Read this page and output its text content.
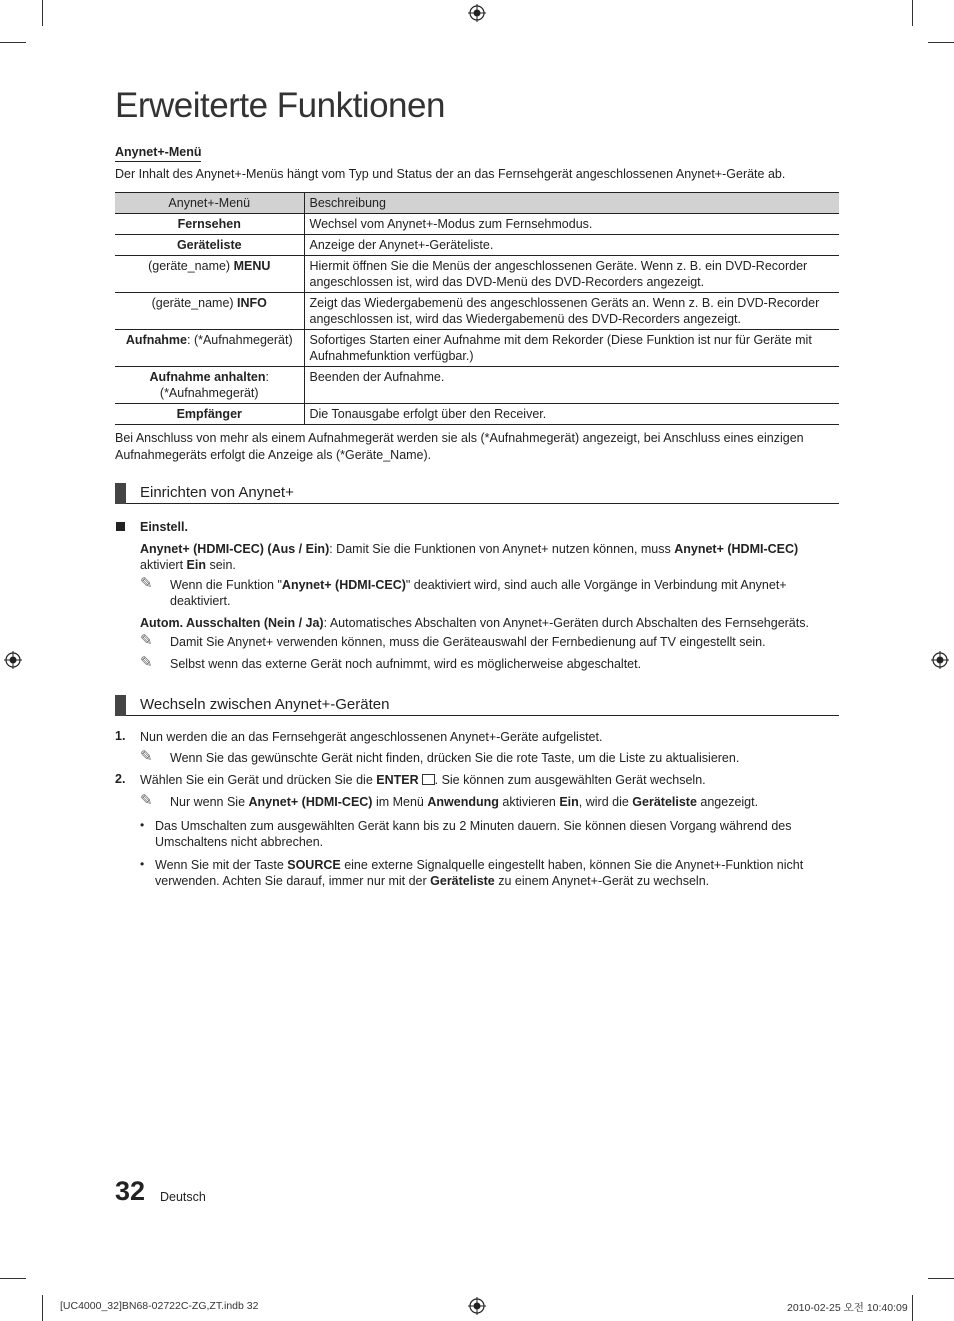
Erweiterte Funktionen
Anynet+-Menü
Der Inhalt des Anynet+-Menüs hängt vom Typ und Status der an das Fernsehgerät angeschlossenen Anynet+-Geräte ab.
Anynet+-Menü	Beschreibung
Fernsehen	Wechsel vom Anynet+-Modus zum Fernsehmodus.
Geräteliste	Anzeige der Anynet+-Geräteliste.
(geräte_name) MENU	Hiermit öffnen Sie die Menüs der angeschlossenen Geräte. Wenn z. B. ein DVD-Recorder angeschlossen ist, wird das DVD-Menü des DVD-Recorders angezeigt.
(geräte_name) INFO	Zeigt das Wiedergabemenü des angeschlossenen Geräts an. Wenn z. B. ein DVD-Recorder angeschlossen ist, wird das Wiedergabemenü des DVD-Recorders angezeigt.
Aufnahme: (*Aufnahmegerät)	Sofortiges Starten einer Aufnahme mit dem Rekorder (Diese Funktion ist nur für Geräte mit Aufnahmefunktion verfügbar.)
Aufnahme anhalten: (*Aufnahmegerät)	Beenden der Aufnahme.
Empfänger	Die Tonausgabe erfolgt über den Receiver.
Bei Anschluss von mehr als einem Aufnahmegerät werden sie als (*Aufnahmegerät) angezeigt, bei Anschluss eines einzigen Aufnahmegeräts erfolgt die Anzeige als (*Geräte_Name).
Einrichten von Anynet+
Einstell.
Anynet+ (HDMI-CEC) (Aus / Ein): Damit Sie die Funktionen von Anynet+ nutzen können, muss Anynet+ (HDMI-CEC) aktiviert Ein sein.
✎ Wenn die Funktion "Anynet+ (HDMI-CEC)" deaktiviert wird, sind auch alle Vorgänge in Verbindung mit Anynet+ deaktiviert.
Autom. Ausschalten (Nein / Ja): Automatisches Abschalten von Anynet+-Geräten durch Abschalten des Fernsehgeräts.
✎ Damit Sie Anynet+ verwenden können, muss die Geräteauswahl der Fernbedienung auf TV eingestellt sein.
✎ Selbst wenn das externe Gerät noch aufnimmt, wird es möglicherweise abgeschaltet.
Wechseln zwischen Anynet+-Geräten
1. Nun werden die an das Fernsehgerät angeschlossenen Anynet+-Geräte aufgelistet.
✎ Wenn Sie das gewünschte Gerät nicht finden, drücken Sie die rote Taste, um die Liste zu aktualisieren.
2. Wählen Sie ein Gerät und drücken Sie die ENTER . Sie können zum ausgewählten Gerät wechseln.
✎ Nur wenn Sie Anynet+ (HDMI-CEC) im Menü Anwendung aktivieren Ein, wird die Geräteliste angezeigt.
• Das Umschalten zum ausgewählten Gerät kann bis zu 2 Minuten dauern. Sie können diesen Vorgang während des Umschaltens nicht abbrechen.
• Wenn Sie mit der Taste SOURCE eine externe Signalquelle eingestellt haben, können Sie die Anynet+-Funktion nicht verwenden. Achten Sie darauf, immer nur mit der Geräteliste zu einem Anynet+-Gerät zu wechseln.
32 Deutsch
[UC4000_32]BN68-02722C-ZG,ZT.indb 32	2010-02-25 오전 10:40:09
